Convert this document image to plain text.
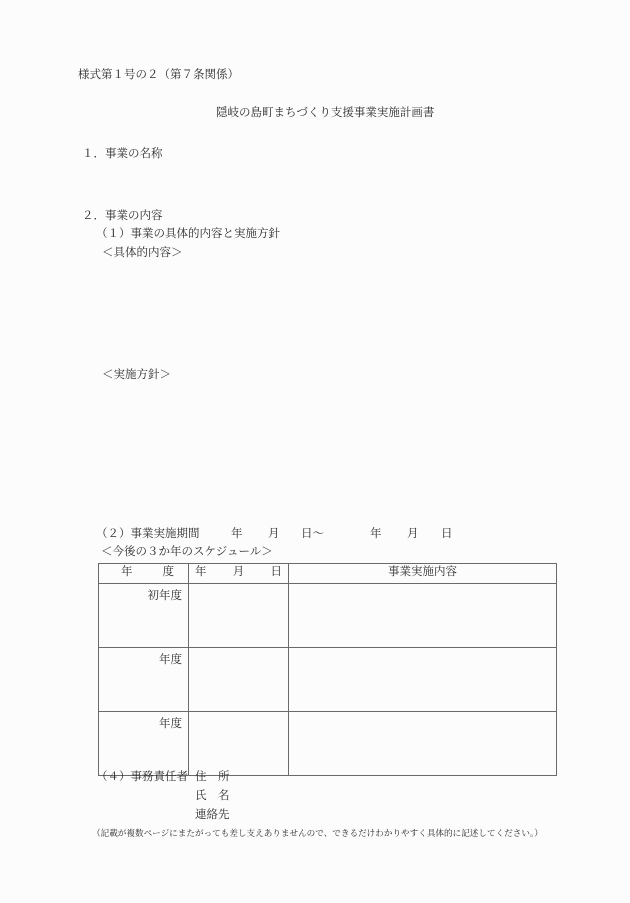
様式第１号の２（第７条関係）
隠岐の島町まちづくり支援事業実施計画書
１．事業の名称
２．事業の内容
（１）事業の具体的内容と実施方針
＜具体的内容＞
＜実施方針＞
（２）事業実施期間	年 月 日～	年 月 日
＜今後の３か年のスケジュール＞
年 度	年 月 日	事業実施内容
初年度		
年度		
年度		
（４）事務責任者 住　所
氏　名
連絡先
（記載が複数ページにまたがっても差し支えありませんので、できるだけわかりやすく具体的に記述してください。）
